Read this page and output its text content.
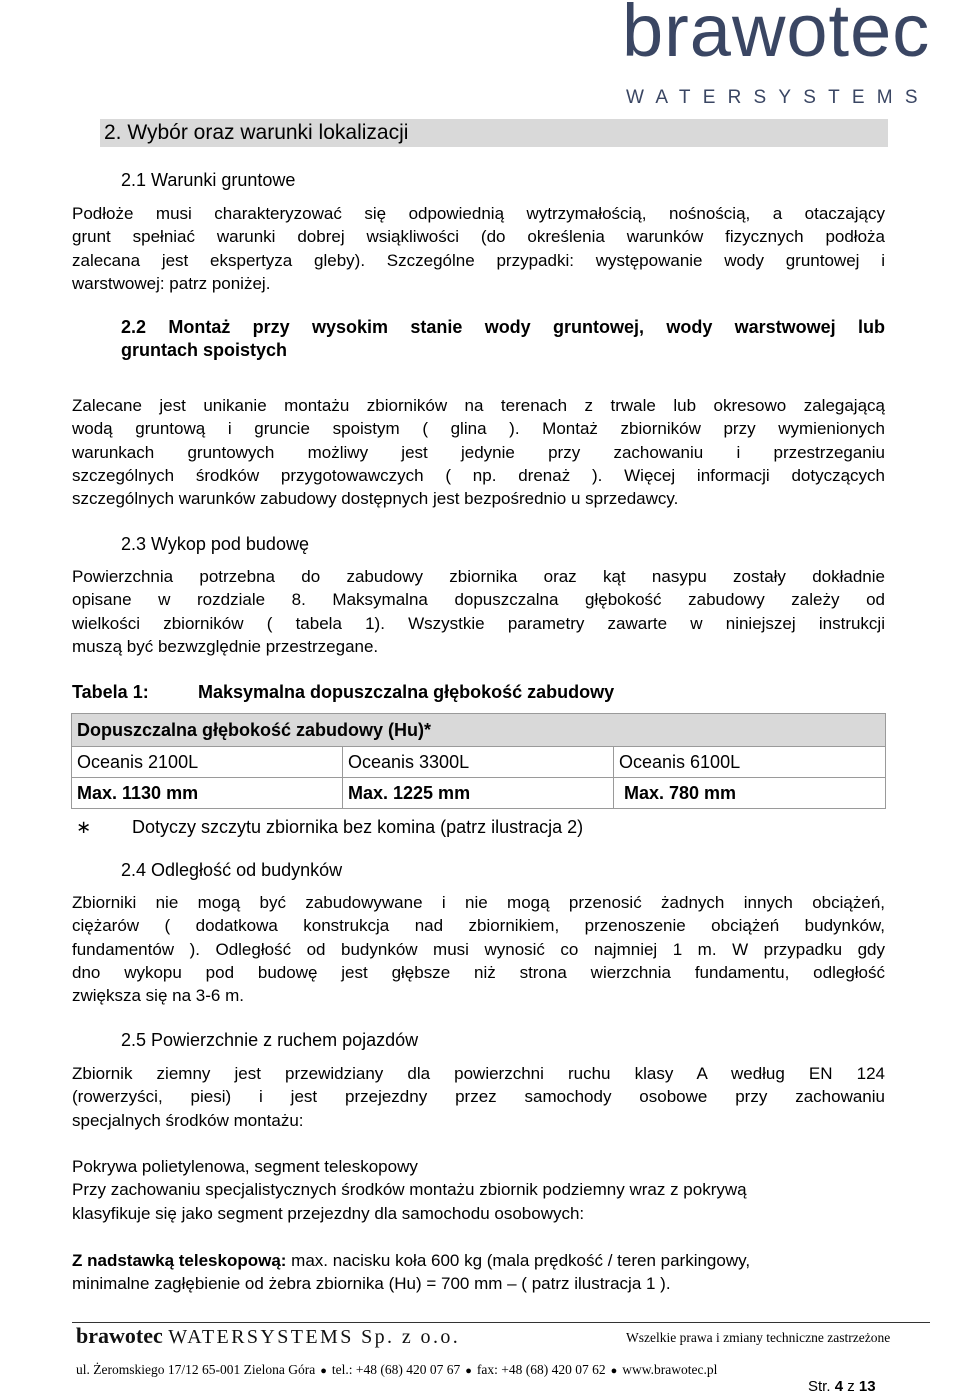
brawotec
WATERSYSTEMS
2. Wybór oraz warunki lokalizacji
2.1 Warunki gruntowe
Podłoże musi charakteryzować się odpowiednią wytrzymałością, nośnością, a otaczający
grunt spełniać warunki dobrej wsiąkliwości (do określenia warunków fizycznych podłoża
zalecana jest ekspertyza gleby). Szczególne przypadki: występowanie wody gruntowej i
warstwowej: patrz poniżej.
2.2 Montaż przy wysokim stanie wody gruntowej, wody warstwowej lub
gruntach spoistych
Zalecane jest unikanie montażu zbiorników na terenach z trwale lub okresowo zalegającą
wodą gruntową i gruncie spoistym ( glina ). Montaż zbiorników przy wymienionych
warunkach gruntowych możliwy jest jedynie przy zachowaniu i przestrzeganiu
szczególnych środków przygotowawczych ( np. drenaż ). Więcej informacji dotyczących
szczególnych warunków zabudowy dostępnych jest bezpośrednio u sprzedawcy.
2.3 Wykop pod budowę
Powierzchnia potrzebna do zabudowy zbiornika oraz kąt nasypu zostały dokładnie
opisane w rozdziale 8. Maksymalna dopuszczalna głębokość zabudowy zależy od
wielkości zbiorników ( tabela 1). Wszystkie parametry zawarte w niniejszej instrukcji
muszą być bezwzględnie przestrzegane.
Tabela 1:	Maksymalna dopuszczalna głębokość zabudowy
Dopuszczalna głębokość zabudowy (Hu)*		
Oceanis 2100L	Oceanis 3300L	Oceanis 6100L
Max. 1130 mm	Max. 1225 mm	Max. 780 mm
∗ Dotyczy szczytu zbiornika bez komina (patrz ilustracja 2)
2.4 Odległość od budynków
Zbiorniki nie mogą być zabudowywane i nie mogą przenosić żadnych innych obciążeń,
ciężarów ( dodatkowa konstrukcja nad zbiornikiem, przenoszenie obciążeń budynków,
fundamentów ). Odległość od budynków musi wynosić co najmniej 1 m. W przypadku gdy
dno wykopu pod budowę jest głębsze niż strona wierzchnia fundamentu, odległość
zwiększa się na 3-6 m.
2.5 Powierzchnie z ruchem pojazdów
Zbiornik ziemny jest przewidziany dla powierzchni ruchu klasy A według EN 124
(rowerzyści, piesi) i jest przejezdny przez samochody osobowe przy zachowaniu
specjalnych środków montażu:
Pokrywa polietylenowa, segment teleskopowy
Przy zachowaniu specjalistycznych środków montażu zbiornik podziemny wraz z pokrywą
klasyfikuje się jako segment przejezdny dla samochodu osobowych:
Z nadstawką teleskopową: max. nacisku koła 600 kg (mala prędkość / teren parkingowy,
minimalne zagłębienie od żebra zbiornika (Hu) = 700 mm – ( patrz ilustracja 1 ).
brawotec WATERSYSTEMS Sp. z o.o.	Wszelkie prawa i zmiany techniczne zastrzeżone
ul. Żeromskiego 17/12 65-001 Zielona Góra ● tel.: +48 (68) 420 07 67 ● fax: +48 (68) 420 07 62 ● www.brawotec.pl
Str. 4 z 13
